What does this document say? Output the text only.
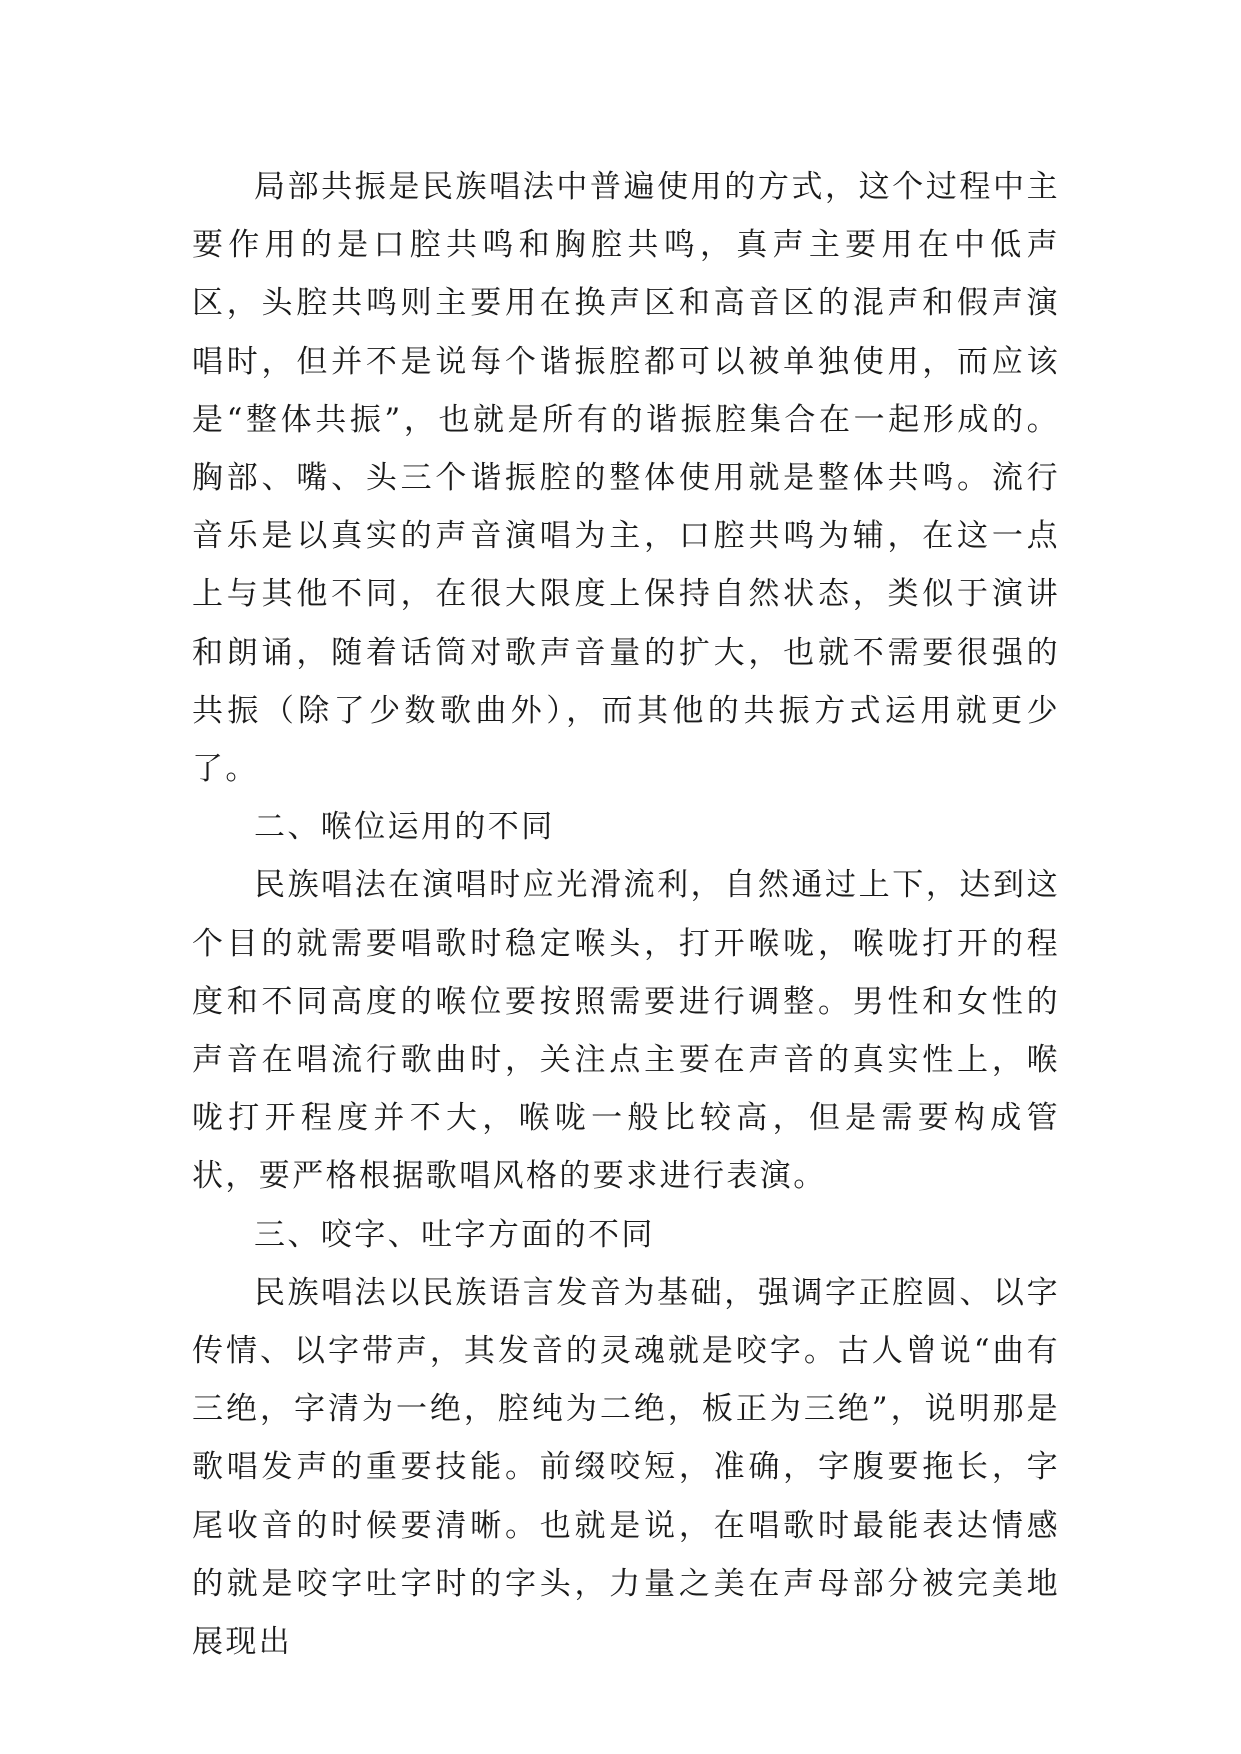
局部共振是民族唱法中普遍使用的方式，这个过程中主要作用的是口腔共鸣和胸腔共鸣，真声主要用在中低声区，头腔共鸣则主要用在换声区和高音区的混声和假声演唱时，但并不是说每个谐振腔都可以被单独使用，而应该是“整体共振”，也就是所有的谐振腔集合在一起形成的。胸部、嘴、头三个谐振腔的整体使用就是整体共鸣。流行音乐是以真实的声音演唱为主，口腔共鸣为辅，在这一点上与其他不同，在很大限度上保持自然状态，类似于演讲和朗诵，随着话筒对歌声音量的扩大，也就不需要很强的共振（除了少数歌曲外），而其他的共振方式运用就更少了。

二、喉位运用的不同

民族唱法在演唱时应光滑流利，自然通过上下，达到这个目的就需要唱歌时稳定喉头，打开喉咙，喉咙打开的程度和不同高度的喉位要按照需要进行调整。男性和女性的声音在唱流行歌曲时，关注点主要在声音的真实性上，喉咙打开程度并不大，喉咙一般比较高，但是需要构成管状，要严格根据歌唱风格的要求进行表演。

三、咬字、吐字方面的不同

民族唱法以民族语言发音为基础，强调字正腔圆、以字传情、以字带声，其发音的灵魂就是咬字。古人曾说“曲有三绝，字清为一绝，腔纯为二绝，板正为三绝”，说明那是歌唱发声的重要技能。前缀咬短，准确，字腹要拖长，字尾收音的时候要清晰。也就是说，在唱歌时最能表达情感的就是咬字吐字时的字头，力量之美在声母部分被完美地展现出
